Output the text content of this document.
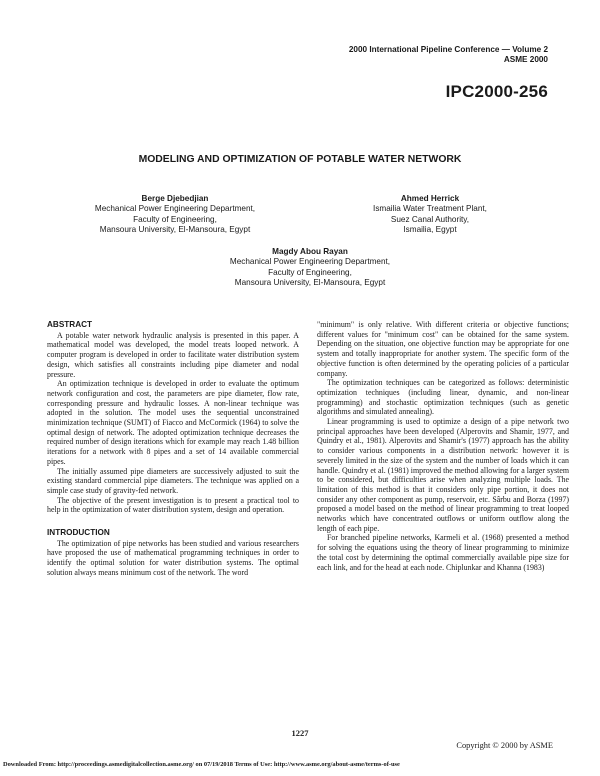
2000 International Pipeline Conference — Volume 2
ASME 2000
IPC2000-256
MODELING AND OPTIMIZATION OF POTABLE WATER NETWORK
Berge Djebedjian
Mechanical Power Engineering Department,
Faculty of Engineering,
Mansoura University, El-Mansoura, Egypt
Ahmed Herrick
Ismailia Water Treatment Plant,
Suez Canal Authority,
Ismailia, Egypt
Magdy Abou Rayan
Mechanical Power Engineering Department,
Faculty of Engineering,
Mansoura University, El-Mansoura, Egypt
ABSTRACT

A potable water network hydraulic analysis is presented in this paper. A mathematical model was developed, the model treats looped network. A computer program is developed in order to facilitate water distribution system design, which satisfies all constraints including pipe diameter and nodal pressure.

An optimization technique is developed in order to evaluate the optimum network configuration and cost, the parameters are pipe diameter, flow rate, corresponding pressure and hydraulic losses. A non-linear technique was adopted in the solution. The model uses the sequential unconstrained minimization technique (SUMT) of Fiacco and McCormick (1964) to solve the optimal design of network. The adopted optimization technique decreases the required number of design iterations which for example may reach 1.48 billion iterations for a network with 8 pipes and a set of 14 available commercial pipes.

The initially assumed pipe diameters are successively adjusted to suit the existing standard commercial pipe diameters. The technique was applied on a simple case study of gravity-fed network.

The objective of the present investigation is to present a practical tool to help in the optimization of water distribution system, design and operation.

INTRODUCTION

The optimization of pipe networks has been studied and various researchers have proposed the use of mathematical programming techniques in order to identify the optimal solution for water distribution systems. The optimal solution always means minimum cost of the network. The word

"minimum" is only relative. With different criteria or objective functions; different values for "minimum cost" can be obtained for the same system. Depending on the situation, one objective function may be appropriate for one system and totally inappropriate for another system. The specific form of the objective function is often determined by the operating policies of a particular company.

The optimization techniques can be categorized as follows: deterministic optimization techniques (including linear, dynamic, and non-linear programming) and stochastic optimization techniques (such as genetic algorithms and simulated annealing).

Linear programming is used to optimize a design of a pipe network two principal approaches have been developed (Alperovits and Shamir, 1977, and Quindry et al., 1981). Alperovits and Shamir's (1977) approach has the ability to consider various components in a distribution network: however it is severely limited in the size of the system and the number of loads which it can handle. Quindry et al. (1981) improved the method allowing for a larger system to be considered, but difficulties arise when analyzing multiple loads. The limitation of this method is that it considers only pipe portion, it does not consider any other component as pump, reservoir, etc. Sârbu and Borza (1997) proposed a model based on the method of linear programming to treat looped networks which have concentrated outflows or uniform outflow along the length of each pipe.

For branched pipeline networks, Karmeli et al. (1968) presented a method for solving the equations using the theory of linear programming to minimize the total cost by determining the optimal commercially available pipe size for each link, and for the head at each node. Chiplunkar and Khanna (1983)

1227
Copyright © 2000 by ASME
Downloaded From: http://proceedings.asmedigitalcollection.asme.org/ on 07/19/2018 Terms of Use: http://www.asme.org/about-asme/terms-of-use
